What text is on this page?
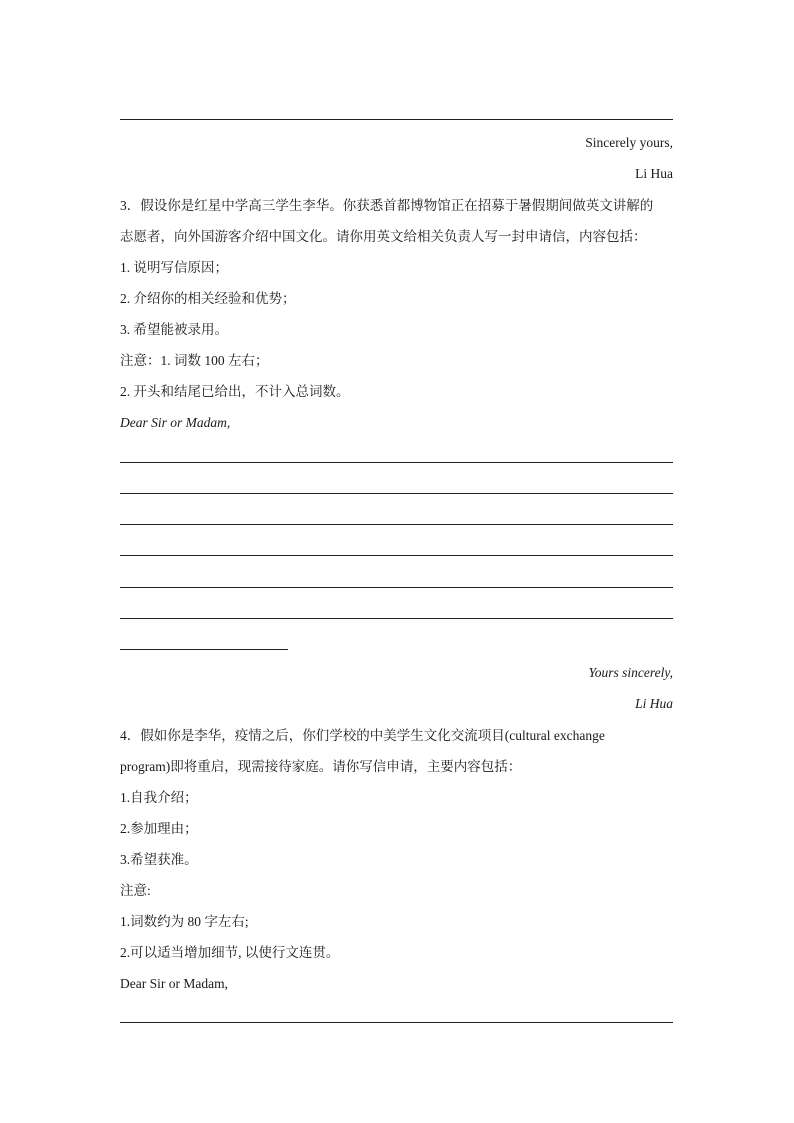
Sincerely yours,
Li Hua
3．假设你是红星中学高三学生李华。你获悉首都博物馆正在招募于暑假期间做英文讲解的
志愿者，向外国游客介绍中国文化。请你用英文给相关负责人写一封申请信，内容包括：
1. 说明写信原因；
2. 介绍你的相关经验和优势；
3. 希望能被录用。
注意：1. 词数 100 左右；
2. 开头和结尾已给出，不计入总词数。
Dear Sir or Madam,
Yours sincerely,
Li Hua
4．假如你是李华，疫情之后，你们学校的中美学生文化交流项目(cultural exchange
program)即将重启，现需接待家庭。请你写信申请，主要内容包括：
1.自我介绍；
2.参加理由；
3.希望获准。
注意:
1.词数约为 80 字左右;
2.可以适当增加细节, 以使行文连贯。
Dear Sir or Madam,
